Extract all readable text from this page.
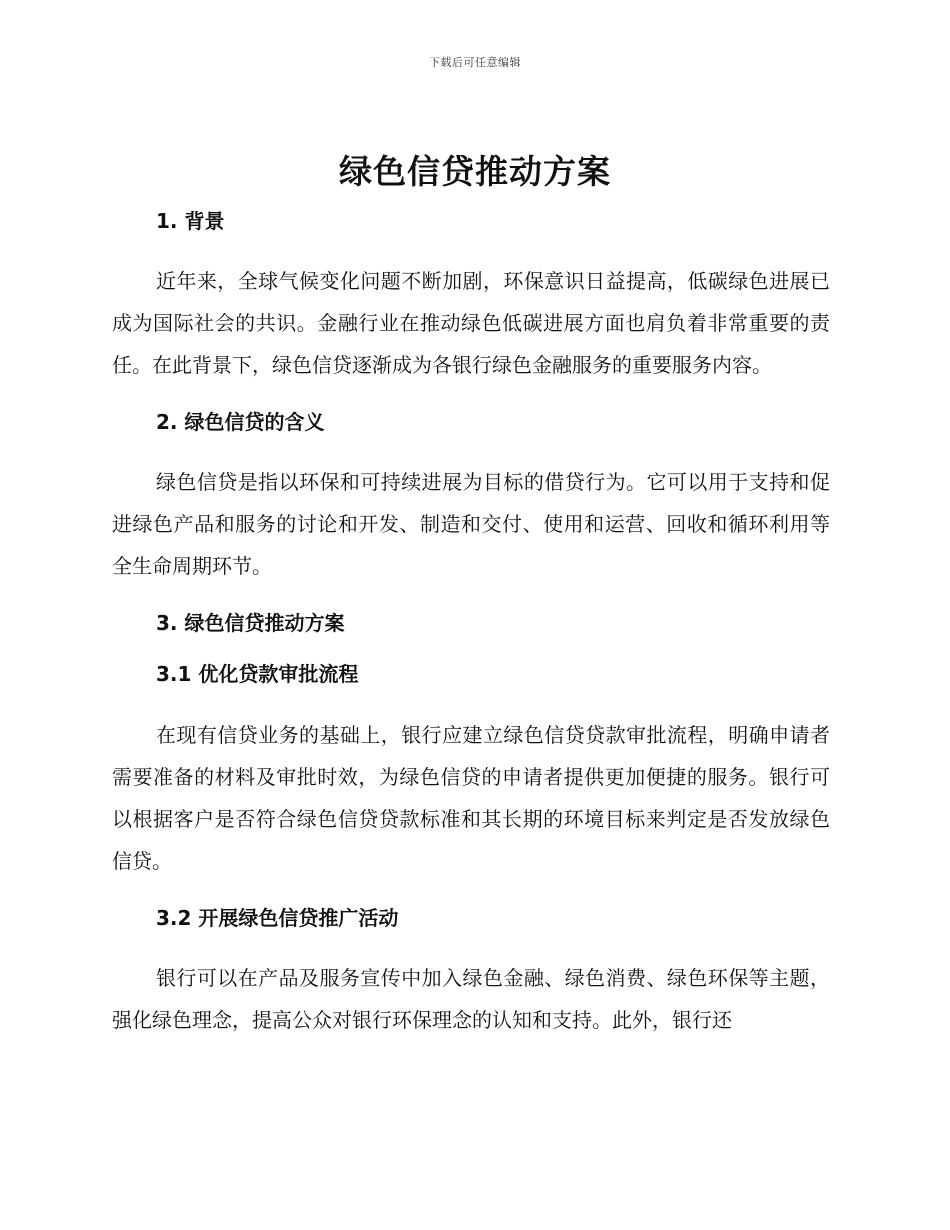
下载后可任意编辑
绿色信贷推动方案
1. 背景

近年来，全球气候变化问题不断加剧，环保意识日益提高，低碳绿色进展已成为国际社会的共识。金融行业在推动绿色低碳进展方面也肩负着非常重要的责任。在此背景下，绿色信贷逐渐成为各银行绿色金融服务的重要服务内容。

2. 绿色信贷的含义

绿色信贷是指以环保和可持续进展为目标的借贷行为。它可以用于支持和促进绿色产品和服务的讨论和开发、制造和交付、使用和运营、回收和循环利用等全生命周期环节。

3. 绿色信贷推动方案
3.1 优化贷款审批流程

在现有信贷业务的基础上，银行应建立绿色信贷贷款审批流程，明确申请者需要准备的材料及审批时效，为绿色信贷的申请者提供更加便捷的服务。银行可以根据客户是否符合绿色信贷贷款标准和其长期的环境目标来判定是否发放绿色信贷。

3.2 开展绿色信贷推广活动

银行可以在产品及服务宣传中加入绿色金融、绿色消费、绿色环保等主题，强化绿色理念，提高公众对银行环保理念的认知和支持。此外，银行还
